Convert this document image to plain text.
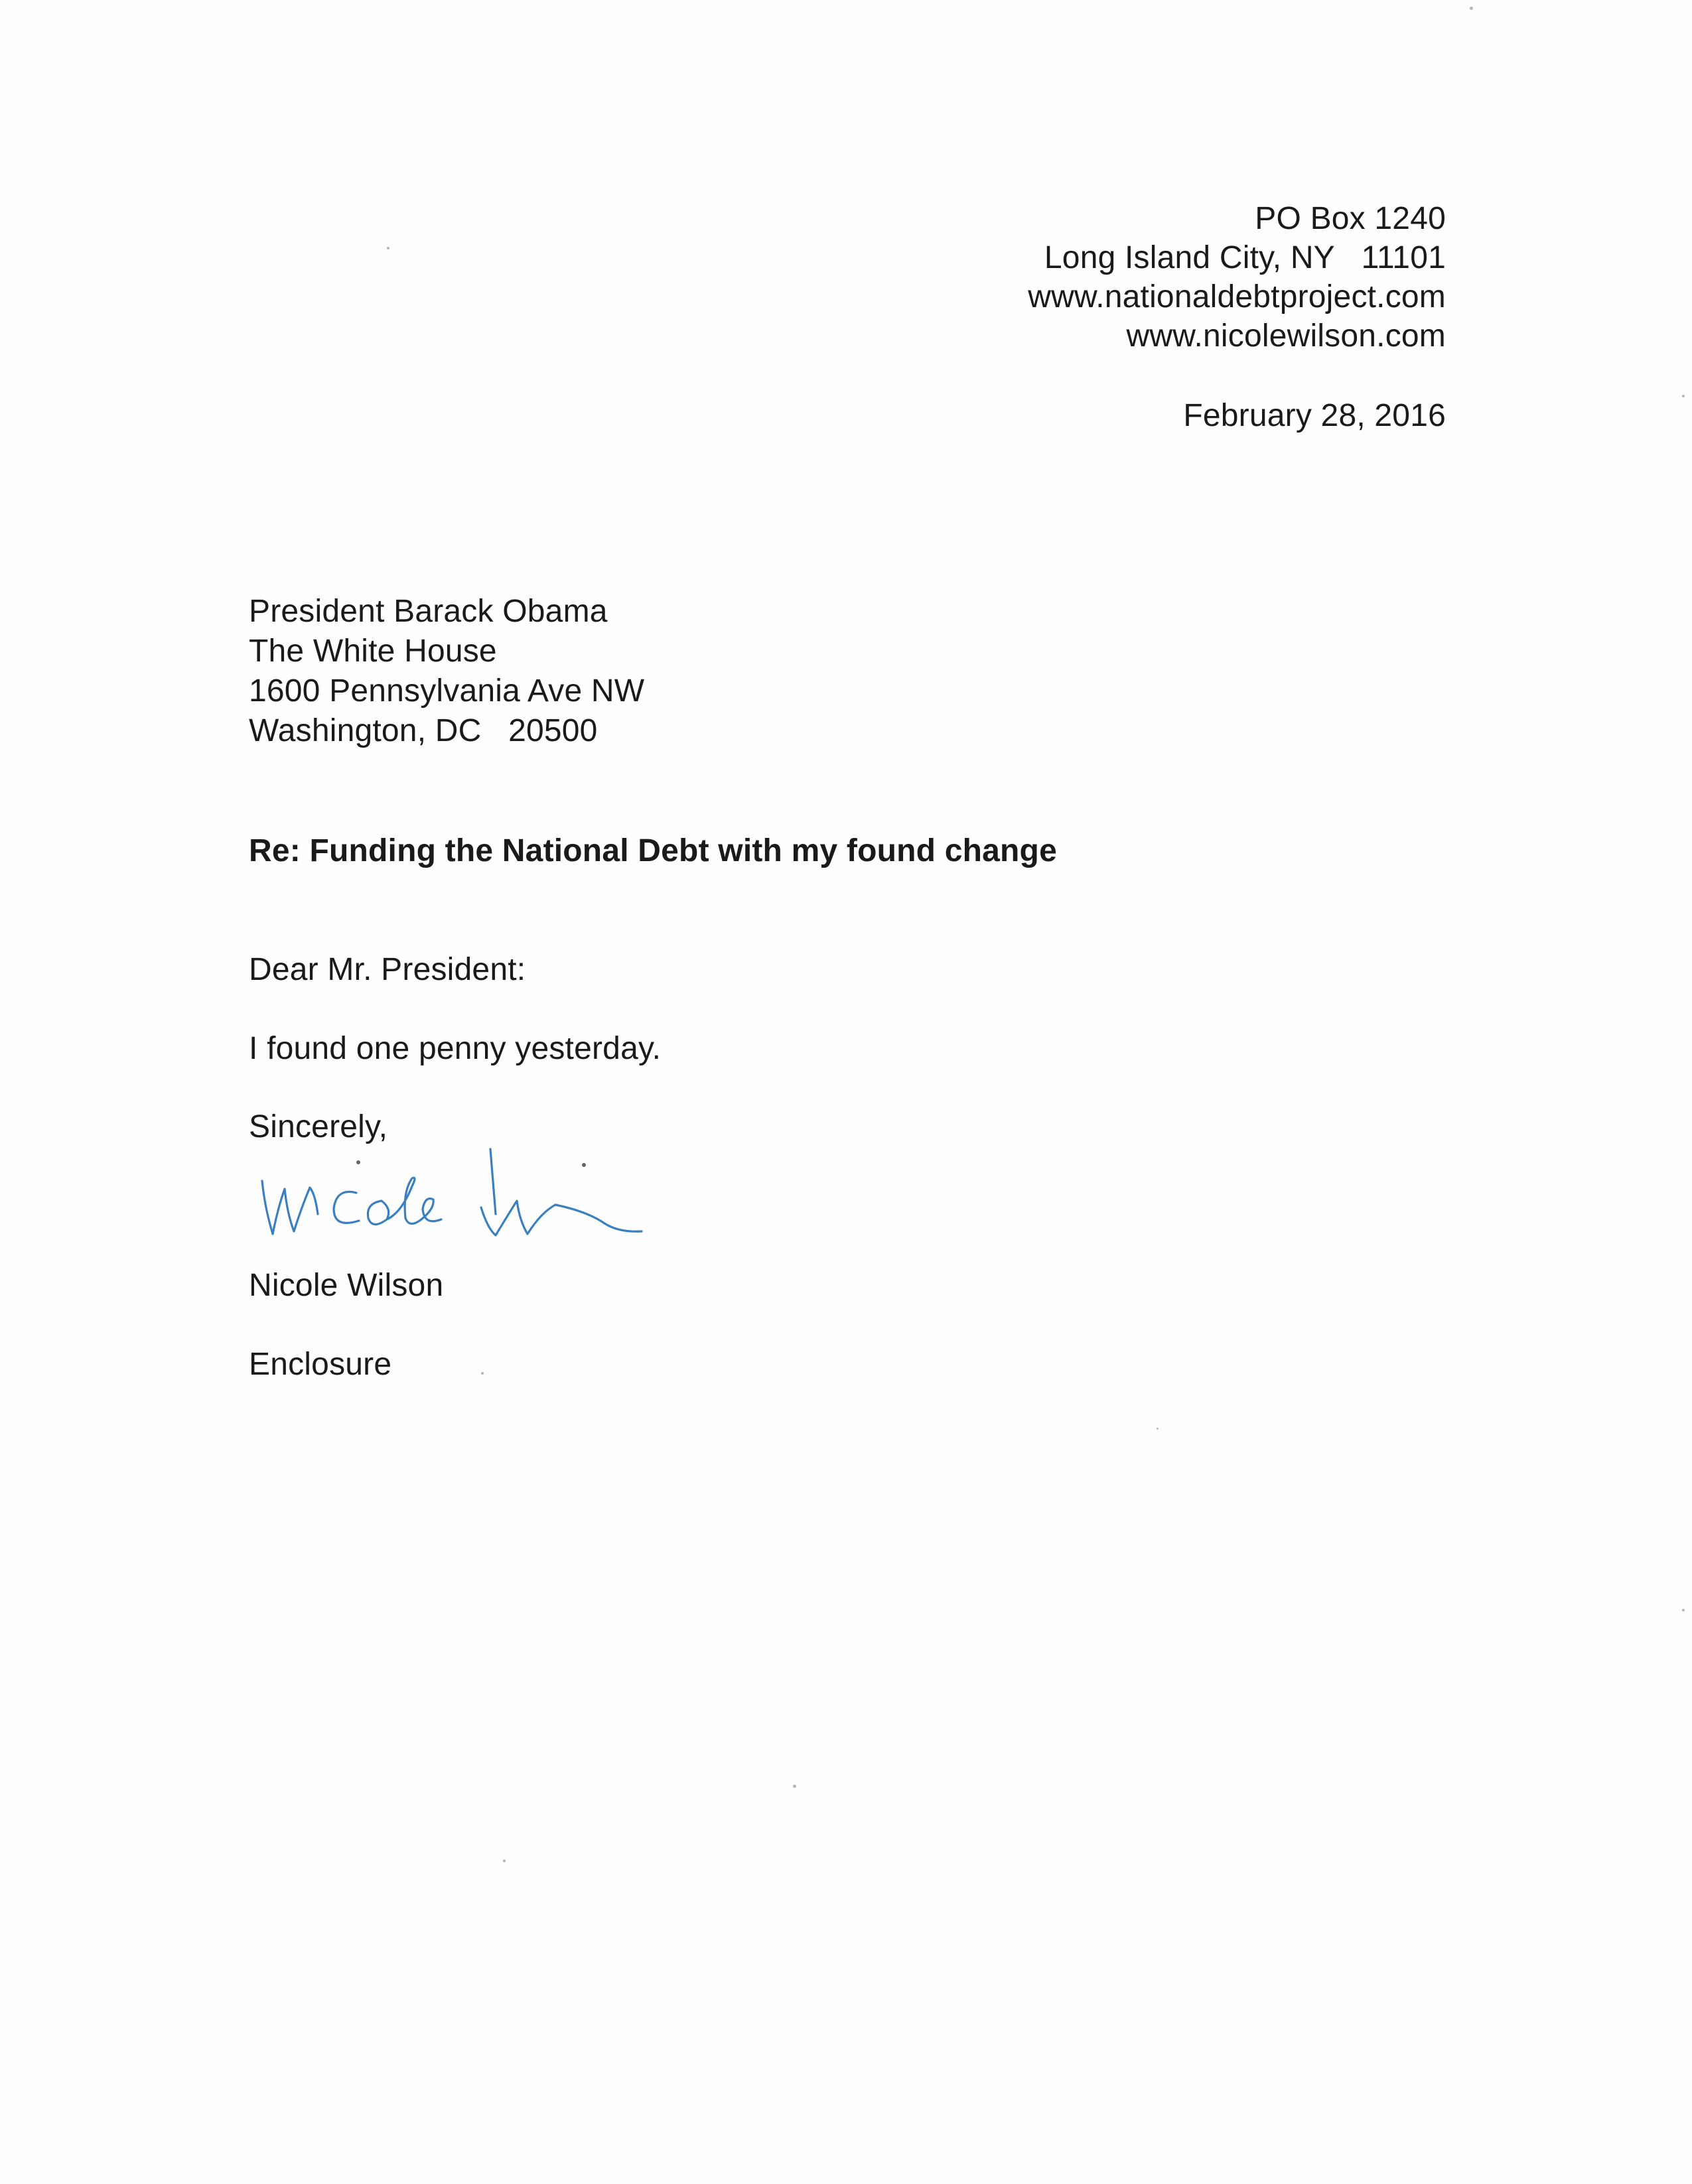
PO Box 1240
Long Island City, NY   11101
www.nationaldebtproject.com
www.nicolewilson.com
February 28, 2016
President Barack Obama
The White House
1600 Pennsylvania Ave NW
Washington, DC   20500
Re: Funding the National Debt with my found change
Dear Mr. President:
I found one penny yesterday.
Sincerely,
Nicole Wilson
Enclosure
